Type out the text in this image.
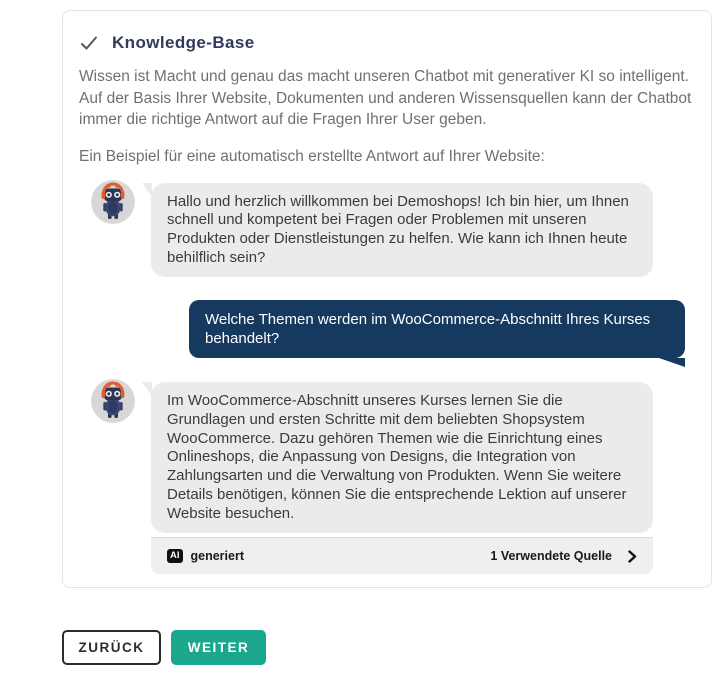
Knowledge-Base

Wissen ist Macht und genau das macht unseren Chatbot mit generativer KI so intelligent. Auf der Basis Ihrer Website, Dokumenten und anderen Wissensquellen kann der Chatbot immer die richtige Antwort auf die Fragen Ihrer User geben.

Ein Beispiel für eine automatisch erstellte Antwort auf Ihrer Website:

Hallo und herzlich willkommen bei Demoshops! Ich bin hier, um Ihnen schnell und kompetent bei Fragen oder Problemen mit unseren Produkten oder Dienstleistungen zu helfen. Wie kann ich Ihnen heute behilflich sein?
Welche Themen werden im WooCommerce-Abschnitt Ihres Kurses behandelt?
Im WooCommerce-Abschnitt unseres Kurses lernen Sie die Grundlagen und ersten Schritte mit dem beliebten Shopsystem WooCommerce. Dazu gehören Themen wie die Einrichtung eines Onlineshops, die Anpassung von Designs, die Integration von Zahlungsarten und die Verwaltung von Produkten. Wenn Sie weitere Details benötigen, können Sie die entsprechende Lektion auf unserer Website besuchen.
AI generiert	1 Verwendete Quelle
ZURÜCK	WEITER
